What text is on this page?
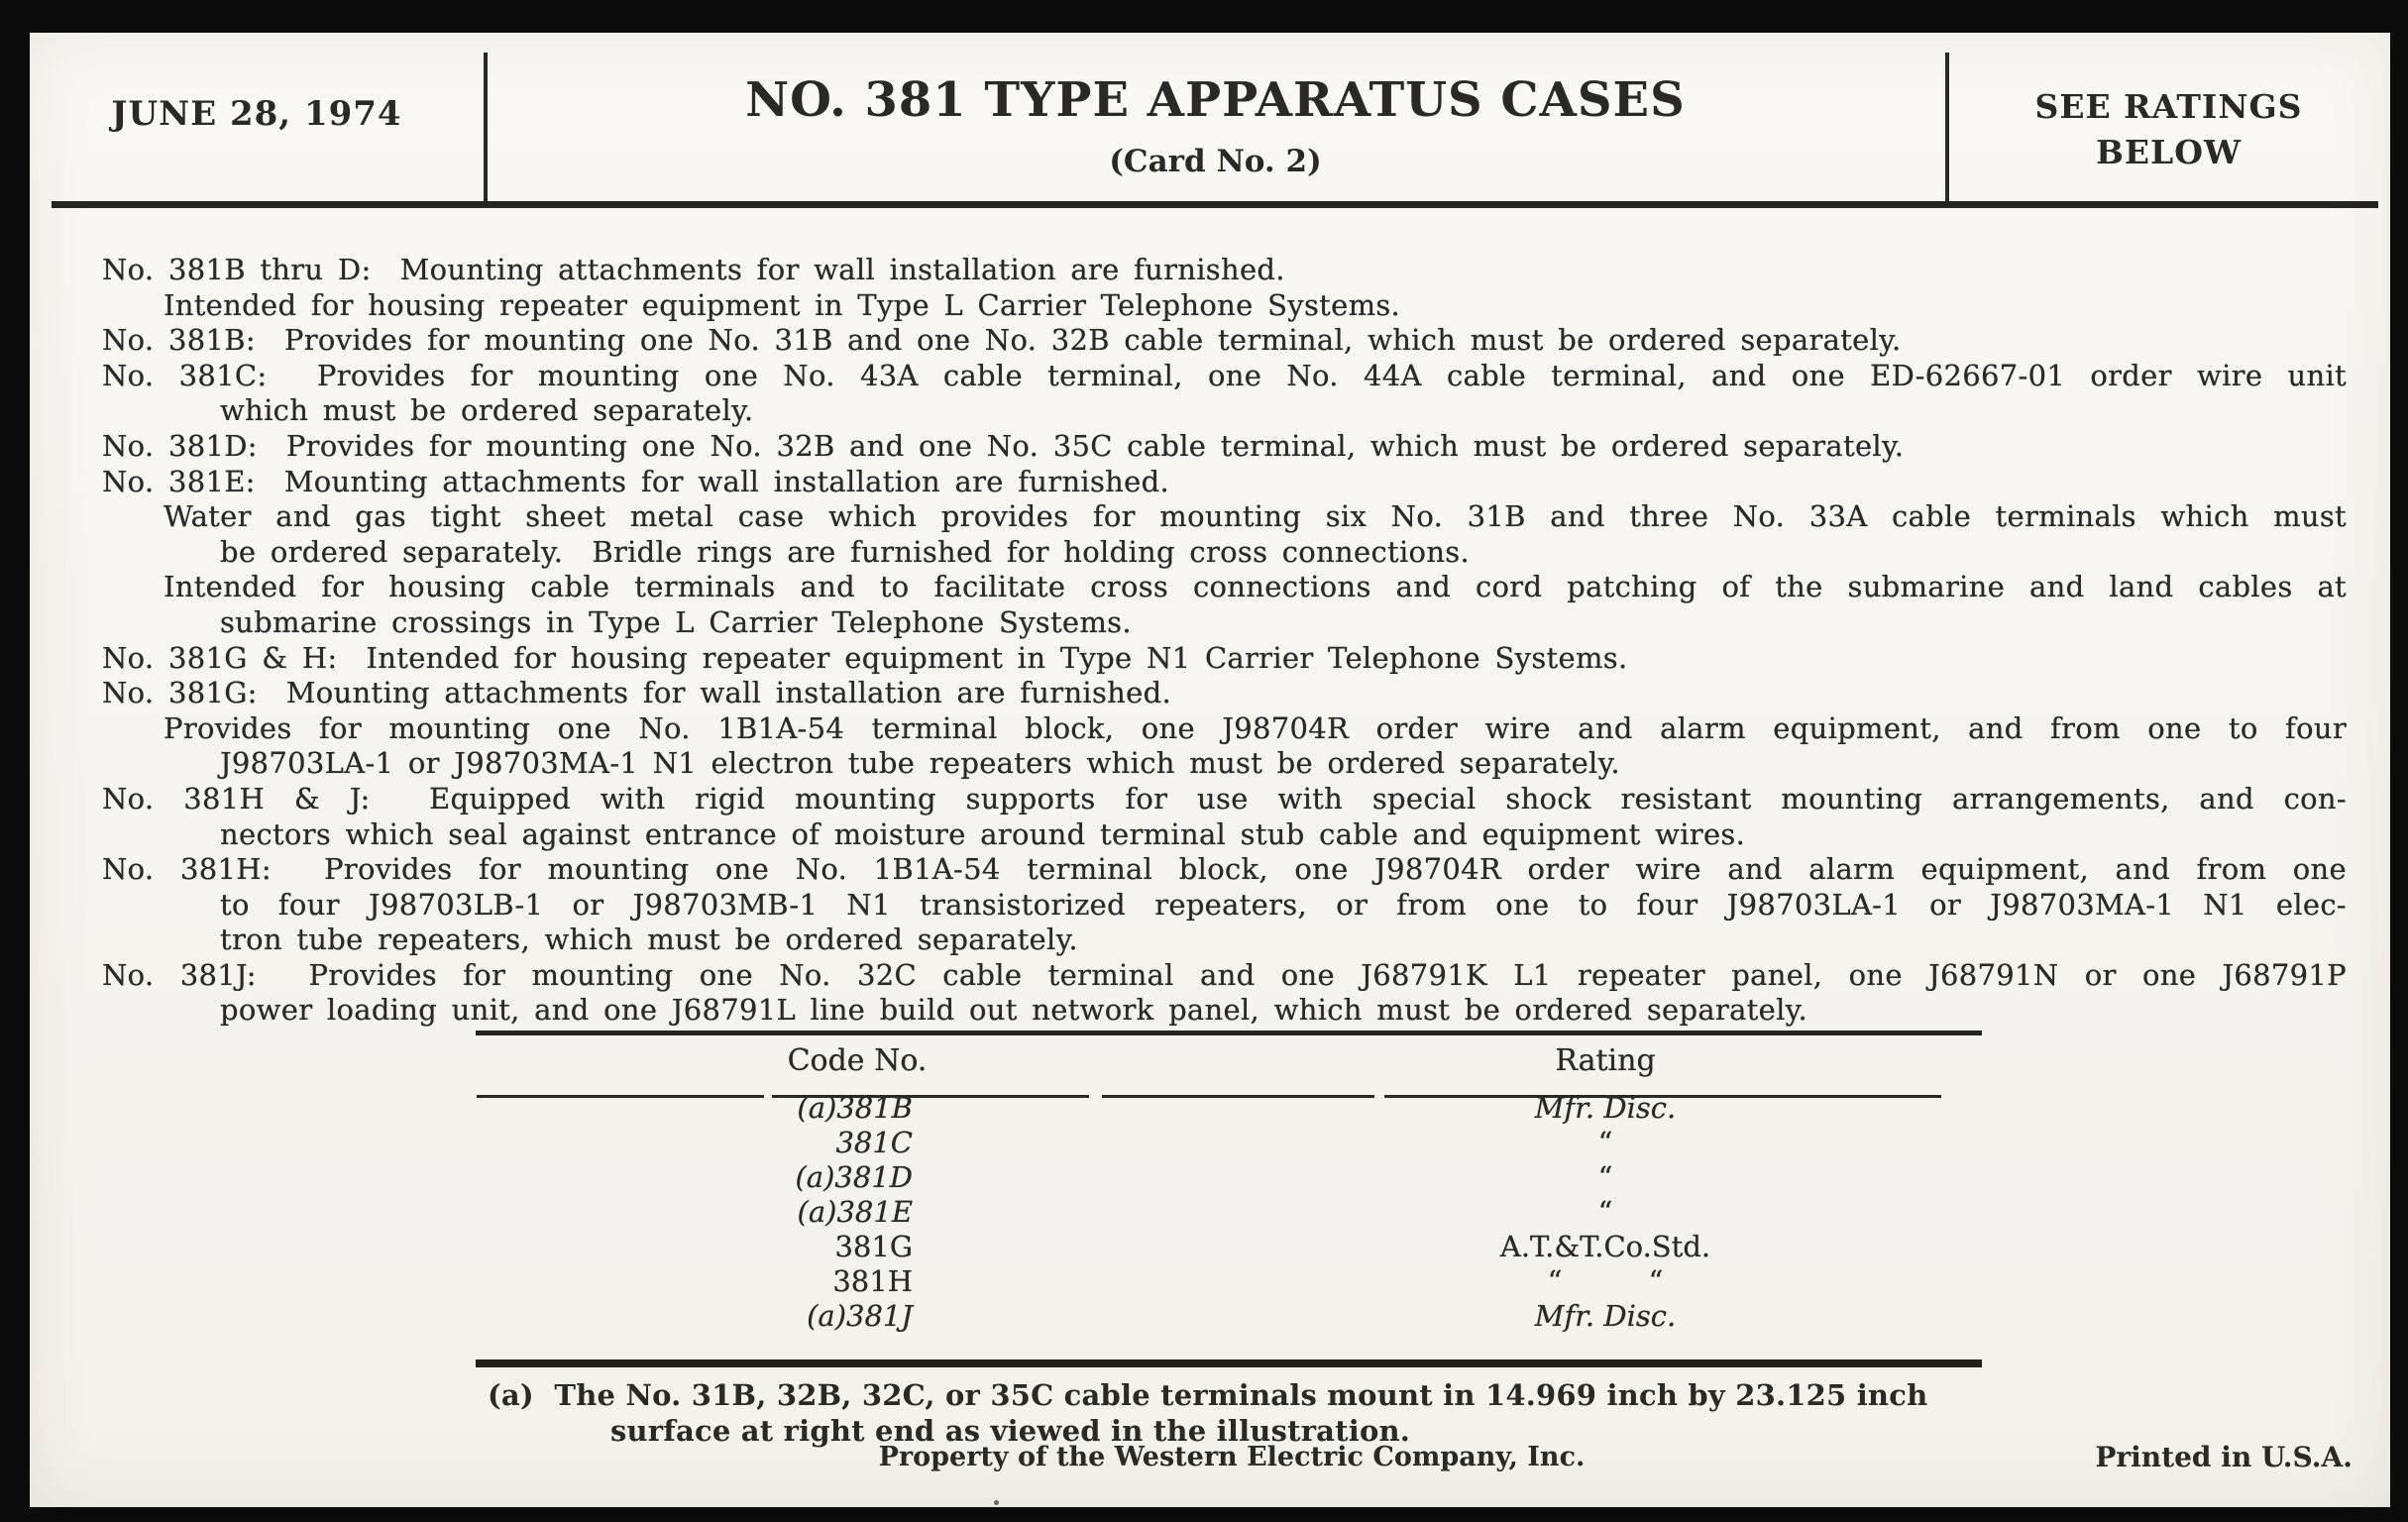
JUNE 28, 1974	NO. 381 TYPE APPARATUS CASES
(Card No. 2)
SEE RATINGS
BELOW
No. 381B thru D:  Mounting attachments for wall installation are furnished.
Intended for housing repeater equipment in Type L Carrier Telephone Systems.
No. 381B:  Provides for mounting one No. 31B and one No. 32B cable terminal, which must be ordered separately.
No. 381C:  Provides for mounting one No. 43A cable terminal, one No. 44A cable terminal, and one ED-62667-01 order wire unit
which must be ordered separately.
No. 381D:  Provides for mounting one No. 32B and one No. 35C cable terminal, which must be ordered separately.
No. 381E:  Mounting attachments for wall installation are furnished.
Water and gas tight sheet metal case which provides for mounting six No. 31B and three No. 33A cable terminals which must
be ordered separately.  Bridle rings are furnished for holding cross connections.
Intended for housing cable terminals and to facilitate cross connections and cord patching of the submarine and land cables at
submarine crossings in Type L Carrier Telephone Systems.
No. 381G & H:  Intended for housing repeater equipment in Type N1 Carrier Telephone Systems.
No. 381G:  Mounting attachments for wall installation are furnished.
Provides for mounting one No. 1B1A-54 terminal block, one J98704R order wire and alarm equipment, and from one to four
J98703LA-1 or J98703MA-1 N1 electron tube repeaters which must be ordered separately.
No. 381H & J:  Equipped with rigid mounting supports for use with special shock resistant mounting arrangements, and con-
nectors which seal against entrance of moisture around terminal stub cable and equipment wires.
No. 381H:  Provides for mounting one No. 1B1A-54 terminal block, one J98704R order wire and alarm equipment, and from one
to four J98703LB-1 or J98703MB-1 N1 transistorized repeaters, or from one to four J98703LA-1 or J98703MA-1 N1 elec-
tron tube repeaters, which must be ordered separately.
No. 381J:  Provides for mounting one No. 32C cable terminal and one J68791K L1 repeater panel, one J68791N or one J68791P
power loading unit, and one J68791L line build out network panel, which must be ordered separately.
Code No.	Rating
(a)381B	Mfr. Disc.
381C	“
(a)381D	“
(a)381E	“
381G	A.T.&T.Co.Std.
381H	“   “
(a)381J	Mfr. Disc.
(a)  The No. 31B, 32B, 32C, or 35C cable terminals mount in 14.969 inch by 23.125 inch
surface at right end as viewed in the illustration.
Property of the Western Electric Company, Inc.	Printed in U.S.A.
